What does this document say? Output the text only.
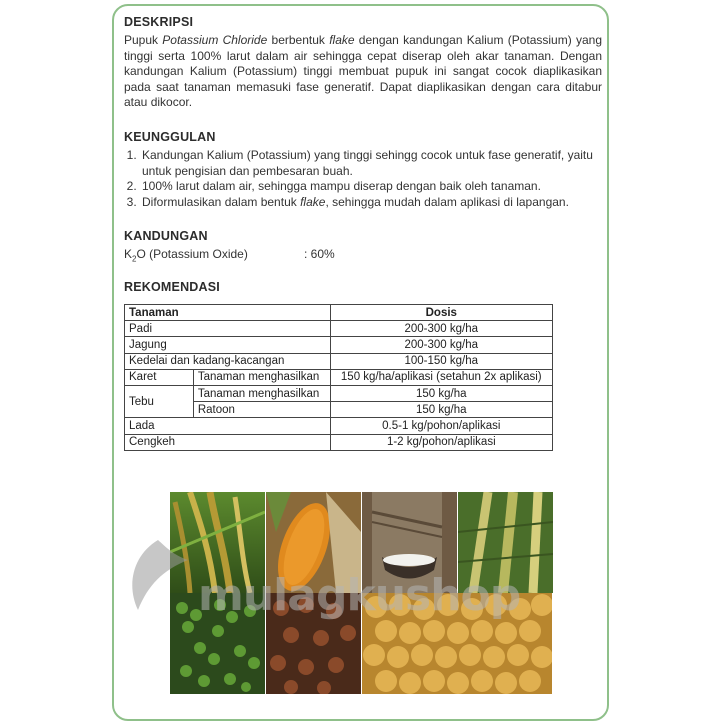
DESKRIPSI

Pupuk Potassium Chloride berbentuk flake dengan kandungan Kalium (Potassium) yang tinggi serta 100% larut dalam air sehingga cepat diserap oleh akar tanaman. Dengan kandungan Kalium (Potassium) tinggi membuat pupuk ini sangat cocok diaplikasikan pada saat tanaman memasuki fase generatif. Dapat diaplikasikan dengan cara ditabur atau dikocor.

KEUNGGULAN
1. Kandungan Kalium (Potassium) yang tinggi sehingg cocok untuk fase generatif, yaitu untuk pengisian dan pembesaran buah.
2. 100% larut dalam air, sehingga mampu diserap dengan baik oleh tanaman.
3. Diformulasikan dalam bentuk flake, sehingga mudah dalam aplikasi di lapangan.
KANDUNGAN
$K_2O$ (Potassium Oxide)	: 60%
REKOMENDASI
Tanaman		Dosis
Padi		200-300 kg/ha
Jagung		200-300 kg/ha
Kedelai dan kadang-kacangan		100-150 kg/ha
Karet	Tanaman menghasilkan	150 kg/ha/aplikasi (setahun 2x aplikasi)
Tebu	Tanaman menghasilkan	150 kg/ha
	Ratoon	150 kg/ha
Lada		0.5-1 kg/pohon/aplikasi
Cengkeh		1-2 kg/pohon/aplikasi
mulagkushop
